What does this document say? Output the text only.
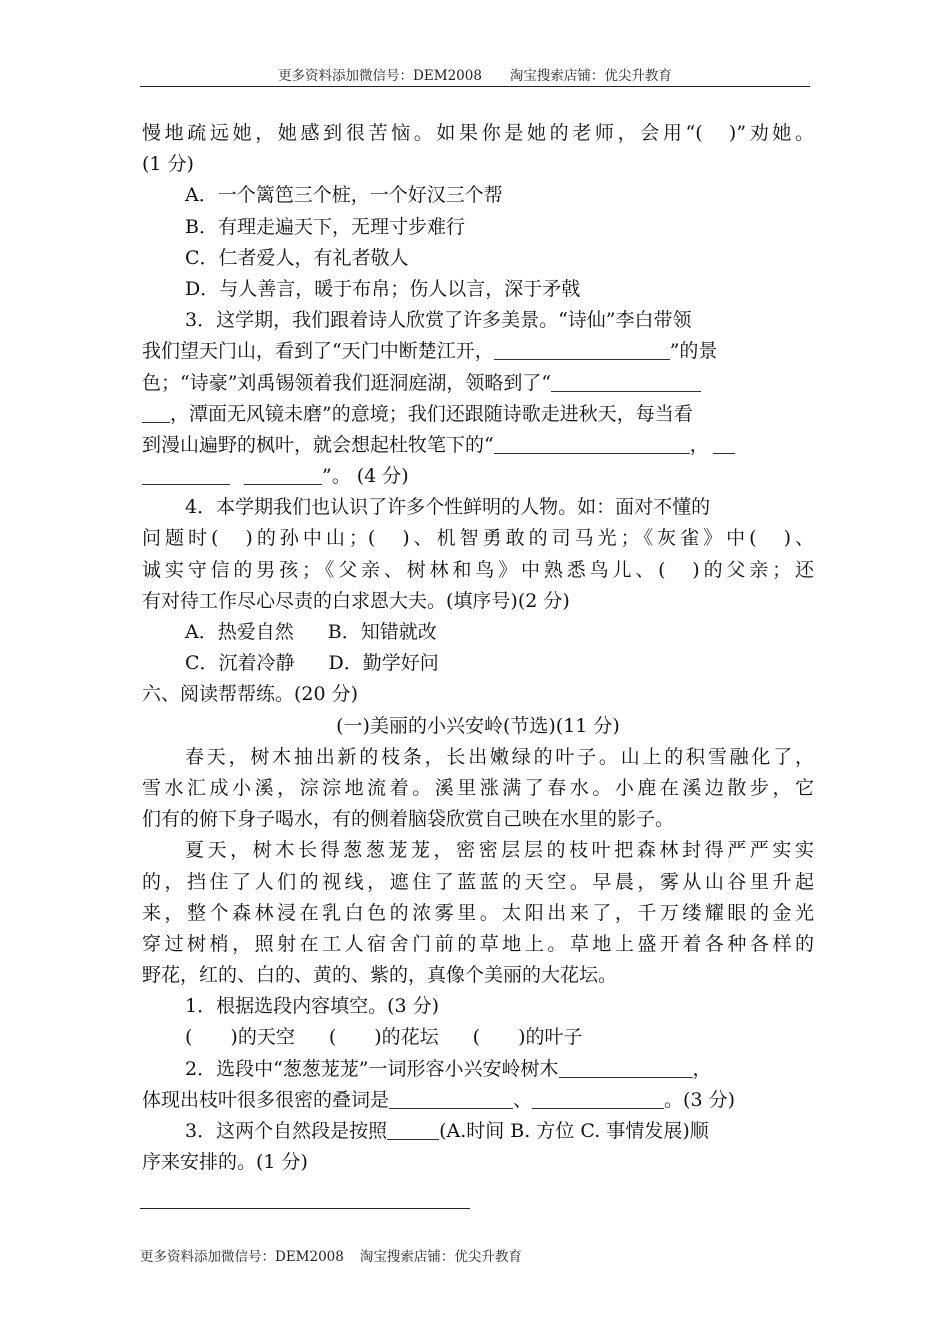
更多资料添加微信号：DEM2008 淘宝搜索店铺：优尖升教育
慢地疏远她，她感到很苦恼。如果你是她的老师，会用“(　)”劝她。
(1 分)
A．一个篱笆三个桩，一个好汉三个帮
B．有理走遍天下，无理寸步难行
C．仁者爱人，有礼者敬人
D．与人善言，暖于布帛；伤人以言，深于矛戟
3．这学期，我们跟着诗人欣赏了许多美景。“诗仙”李白带领
我们望天门山，看到了“天门中断楚江开，	”的景
色；“诗豪”刘禹锡领着我们逛洞庭湖，领略到了“
，潭面无风镜未磨”的意境；我们还跟随诗歌走进秋天，每当看
到漫山遍野的枫叶，就会想起杜牧笔下的“	，
”。 (4 分)
4．本学期我们也认识了许多个性鲜明的人物。如：面对不懂的
问题时(　)的孙中山；(　)、机智勇敢的司马光；《灰雀》中(　)、
诚实守信的男孩；《父亲、树林和鸟》中熟悉鸟儿、(　)的父亲；还
有对待工作尽心尽责的白求恩大夫。(填序号)(2 分)
A．热爱自然 B．知错就改
C．沉着冷静 D．勤学好问
六、阅读帮帮练。(20 分)
(一)美丽的小兴安岭(节选)(11 分)
春天，树木抽出新的枝条，长出嫩绿的叶子。山上的积雪融化了，
雪水汇成小溪，淙淙地流着。溪里涨满了春水。小鹿在溪边散步，它
们有的俯下身子喝水，有的侧着脑袋欣赏自己映在水里的影子。
夏天，树木长得葱葱茏茏，密密层层的枝叶把森林封得严严实实
的，挡住了人们的视线，遮住了蓝蓝的天空。早晨，雾从山谷里升起
来，整个森林浸在乳白色的浓雾里。太阳出来了，千万缕耀眼的金光
穿过树梢，照射在工人宿舍门前的草地上。草地上盛开着各种各样的
野花，红的、白的、黄的、紫的，真像个美丽的大花坛。
1．根据选段内容填空。(3 分)
(　　)的天空 (　　)的花坛 (　　)的叶子
2．选段中“葱葱茏茏”一词形容小兴安岭树木	，
体现出枝叶很多很密的叠词是	、	。(3 分)
3．这两个自然段是按照	(A.时间 B. 方位 C. 事情发展)顺
序来安排的。(1 分)
更多资料添加微信号：DEM2008 淘宝搜索店铺：优尖升教育
